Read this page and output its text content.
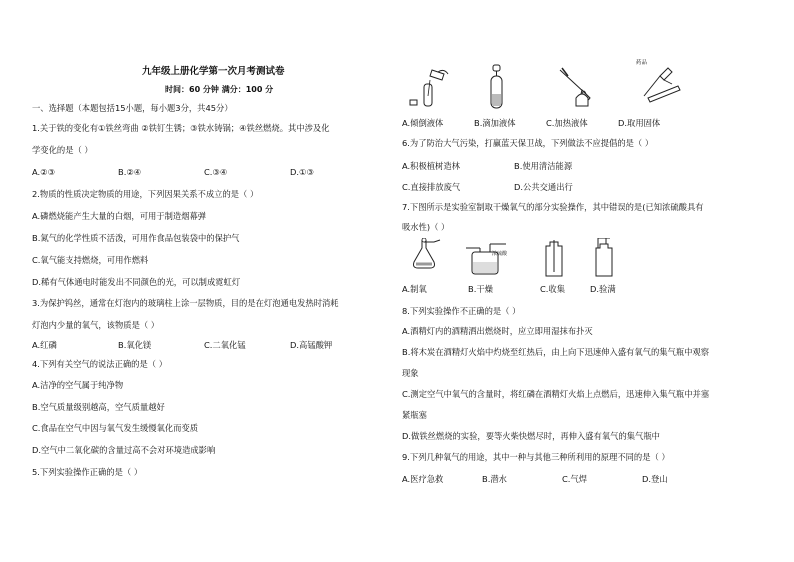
九年级上册化学第一次月考测试卷
时间：60 分钟 满分：100 分
一、选择题（本题包括15小题，每小题3分，共45分）
1.关于铁的变化有①铁丝弯曲 ②铁钉生锈；③铁水铸锅；④铁丝燃烧。其中涉及化
学变化的是（ ）
A.②③	B.②④	C.③④	D.①③
2.物质的性质决定物质的用途，下列因果关系不成立的是（ ）
A.磷燃烧能产生大量的白烟，可用于制造烟幕弹
B.氮气的化学性质不活泼，可用作食品包装袋中的保护气
C.氧气能支持燃烧，可用作燃料
D.稀有气体通电时能发出不同颜色的光，可以制成霓虹灯
3.为保护钨丝，通常在灯泡内的玻璃柱上涂一层物质，目的是在灯泡通电发热时消耗
灯泡内少量的氧气，该物质是（ ）
A.红磷	B.氧化镁	C.二氧化锰	D.高锰酸钾
4.下列有关空气的说法正确的是（ ）
A.洁净的空气属于纯净物
B.空气质量级别越高，空气质量越好
C.食品在空气中因与氧气发生缓慢氧化而变质
D.空气中二氧化碳的含量过高不会对环境造成影响
5.下列实验操作正确的是（ ）
药品
A.倾倒液体	B.滴加液体	C.加热液体	D.取用固体
6.为了防治大气污染，打赢蓝天保卫战，下列做法不应提倡的是（ ）
A.积极植树造林	B.使用清洁能源
C.直接排放废气	D.公共交通出行
7.下图所示是实验室制取干燥氧气的部分实验操作，其中错误的是(已知浓硫酸具有
吸水性)（ ）
浓硫酸
A.制氧	B.干燥	C.收集	D.验满
8.下列实验操作不正确的是（ ）
A.酒精灯内的酒精洒出燃烧时，应立即用湿抹布扑灭
B.将木炭在酒精灯火焰中灼烧至红热后，由上向下迅速伸入盛有氧气的集气瓶中观察
现象
C.测定空气中氧气的含量时，将红磷在酒精灯火焰上点燃后，迅速伸入集气瓶中并塞
紧瓶塞
D.做铁丝燃烧的实验，要等火柴快燃尽时，再伸入盛有氧气的集气瓶中
9.下列几种氧气的用途，其中一种与其他三种所利用的原理不同的是（ ）
A.医疗急救	B.潜水	C.气焊	D.登山
